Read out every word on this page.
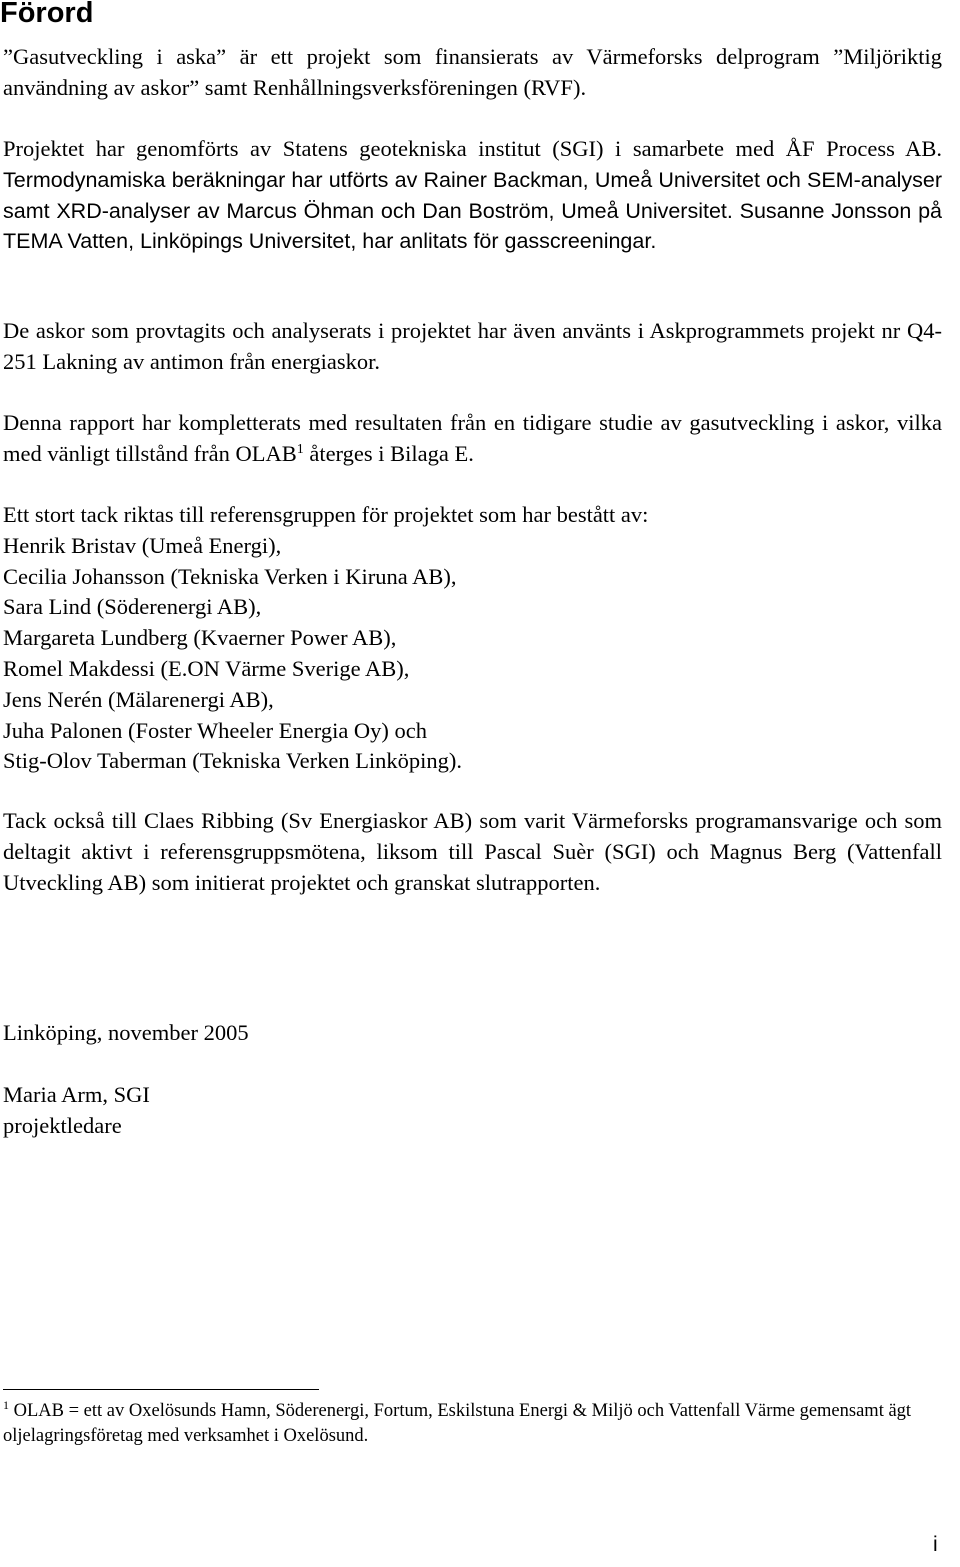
Förord

”Gasutveckling i aska” är ett projekt som finansierats av Värmeforsks delprogram ”Miljöriktig användning av askor” samt Renhållningsverksföreningen (RVF).

Projektet har genomförts av Statens geotekniska institut (SGI) i samarbete med ÅF Process AB. Termodynamiska beräkningar har utförts av Rainer Backman, Umeå Universitet och SEM-analyser samt XRD-analyser av Marcus Öhman och Dan Boström, Umeå Universitet. Susanne Jonsson på TEMA Vatten, Linköpings Universitet, har anlitats för gasscreeningar.

De askor som provtagits och analyserats i projektet har även använts i Askprogrammets projekt nr Q4-251 Lakning av antimon från energiaskor.

Denna rapport har kompletterats med resultaten från en tidigare studie av gasutveckling i askor, vilka med vänligt tillstånd från OLAB$^1$ återges i Bilaga E.

Ett stort tack riktas till referensgruppen för projektet som har bestått av:
Henrik Bristav (Umeå Energi),
Cecilia Johansson (Tekniska Verken i Kiruna AB),
Sara Lind (Söderenergi AB),
Margareta Lundberg (Kvaerner Power AB),
Romel Makdessi (E.ON Värme Sverige AB),
Jens Nerén (Mälarenergi AB),
Juha Palonen (Foster Wheeler Energia Oy) och
Stig-Olov Taberman (Tekniska Verken Linköping).

Tack också till Claes Ribbing (Sv Energiaskor AB) som varit Värmeforsks programansvarige och som deltagit aktivt i referensgruppsmötena, liksom till Pascal Suèr (SGI) och Magnus Berg (Vattenfall Utveckling AB) som initierat projektet och granskat slutrapporten.

Linköping, november 2005

Maria Arm, SGI
projektledare

$^1$ OLAB = ett av Oxelösunds Hamn, Söderenergi, Fortum, Eskilstuna Energi & Miljö och Vattenfall Värme gemensamt ägt oljelagringsföretag med verksamhet i Oxelösund.

i
